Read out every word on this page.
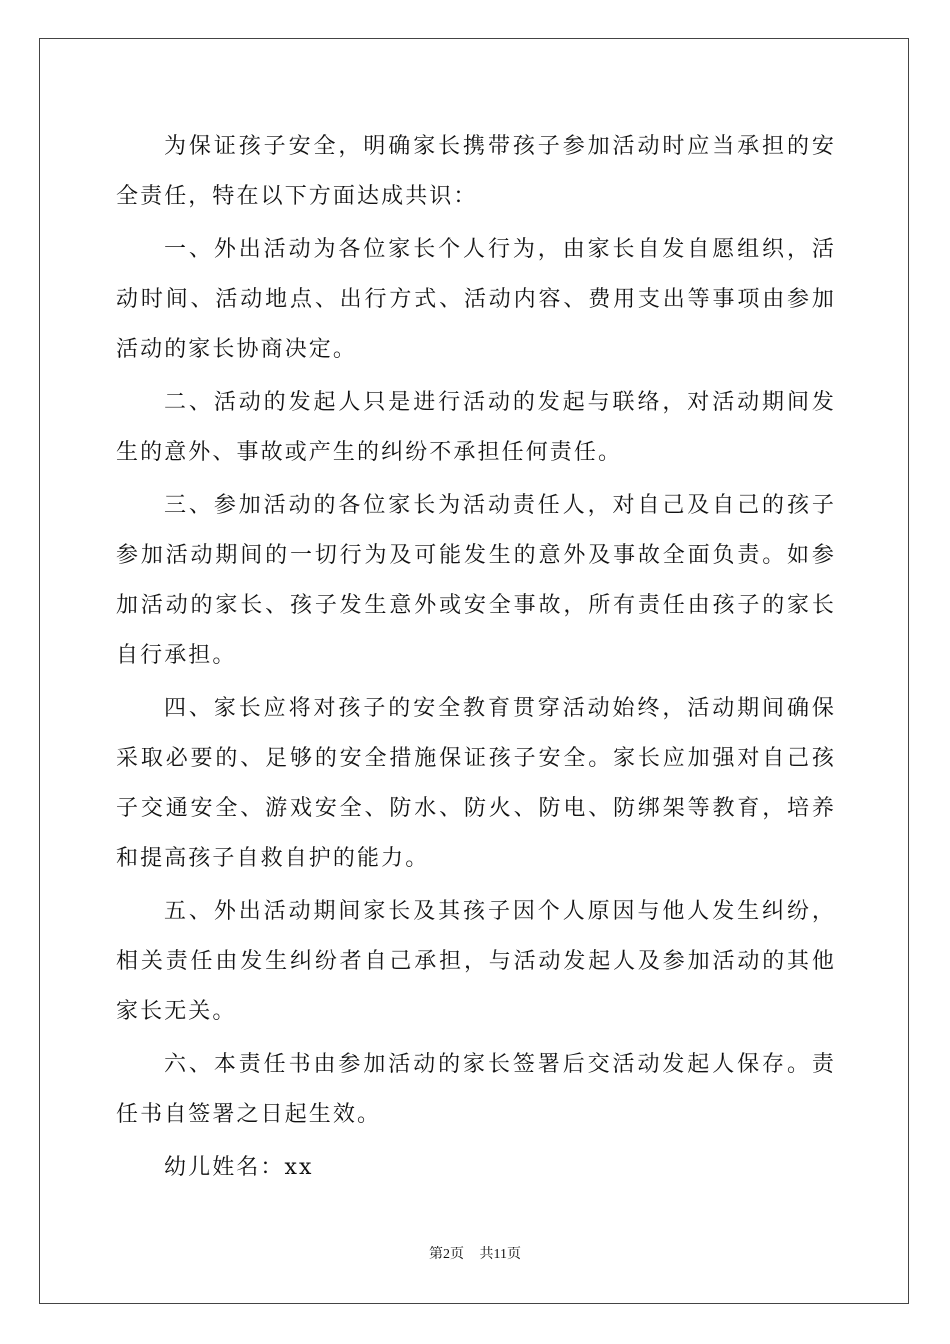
为保证孩子安全，明确家长携带孩子参加活动时应当承担的安全责任，特在以下方面达成共识：

一、外出活动为各位家长个人行为，由家长自发自愿组织，活动时间、活动地点、出行方式、活动内容、费用支出等事项由参加活动的家长协商决定。

二、活动的发起人只是进行活动的发起与联络，对活动期间发生的意外、事故或产生的纠纷不承担任何责任。

三、参加活动的各位家长为活动责任人，对自己及自己的孩子参加活动期间的一切行为及可能发生的意外及事故全面负责。如参加活动的家长、孩子发生意外或安全事故，所有责任由孩子的家长自行承担。

四、家长应将对孩子的安全教育贯穿活动始终，活动期间确保采取必要的、足够的安全措施保证孩子安全。家长应加强对自己孩子交通安全、游戏安全、防水、防火、防电、防绑架等教育，培养和提高孩子自救自护的能力。

五、外出活动期间家长及其孩子因个人原因与他人发生纠纷，相关责任由发生纠纷者自己承担，与活动发起人及参加活动的其他家长无关。

六、本责任书由参加活动的家长签署后交活动发起人保存。责任书自签署之日起生效。

幼儿姓名：xx

第2页 共11页
